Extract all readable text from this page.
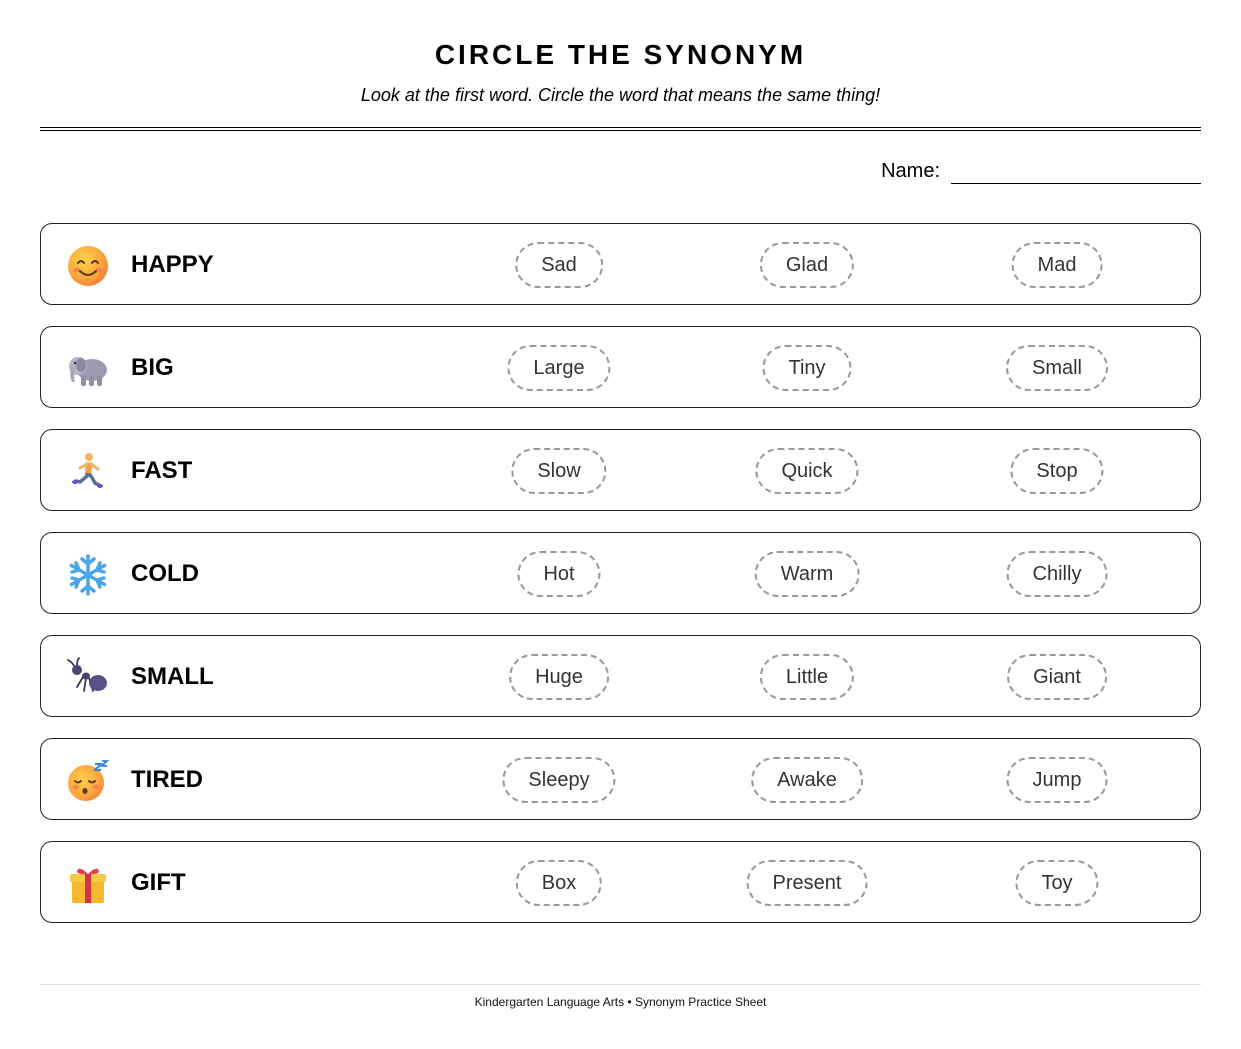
CIRCLE THE SYNONYM
Look at the first word. Circle the word that means the same thing!
Name:
HAPPY	Sad	Glad	Mad
BIG	Large	Tiny	Small
FAST	Slow	Quick	Stop
COLD	Hot	Warm	Chilly
SMALL	Huge	Little	Giant
TIRED	Sleepy	Awake	Jump
GIFT	Box	Present	Toy
Kindergarten Language Arts • Synonym Practice Sheet
